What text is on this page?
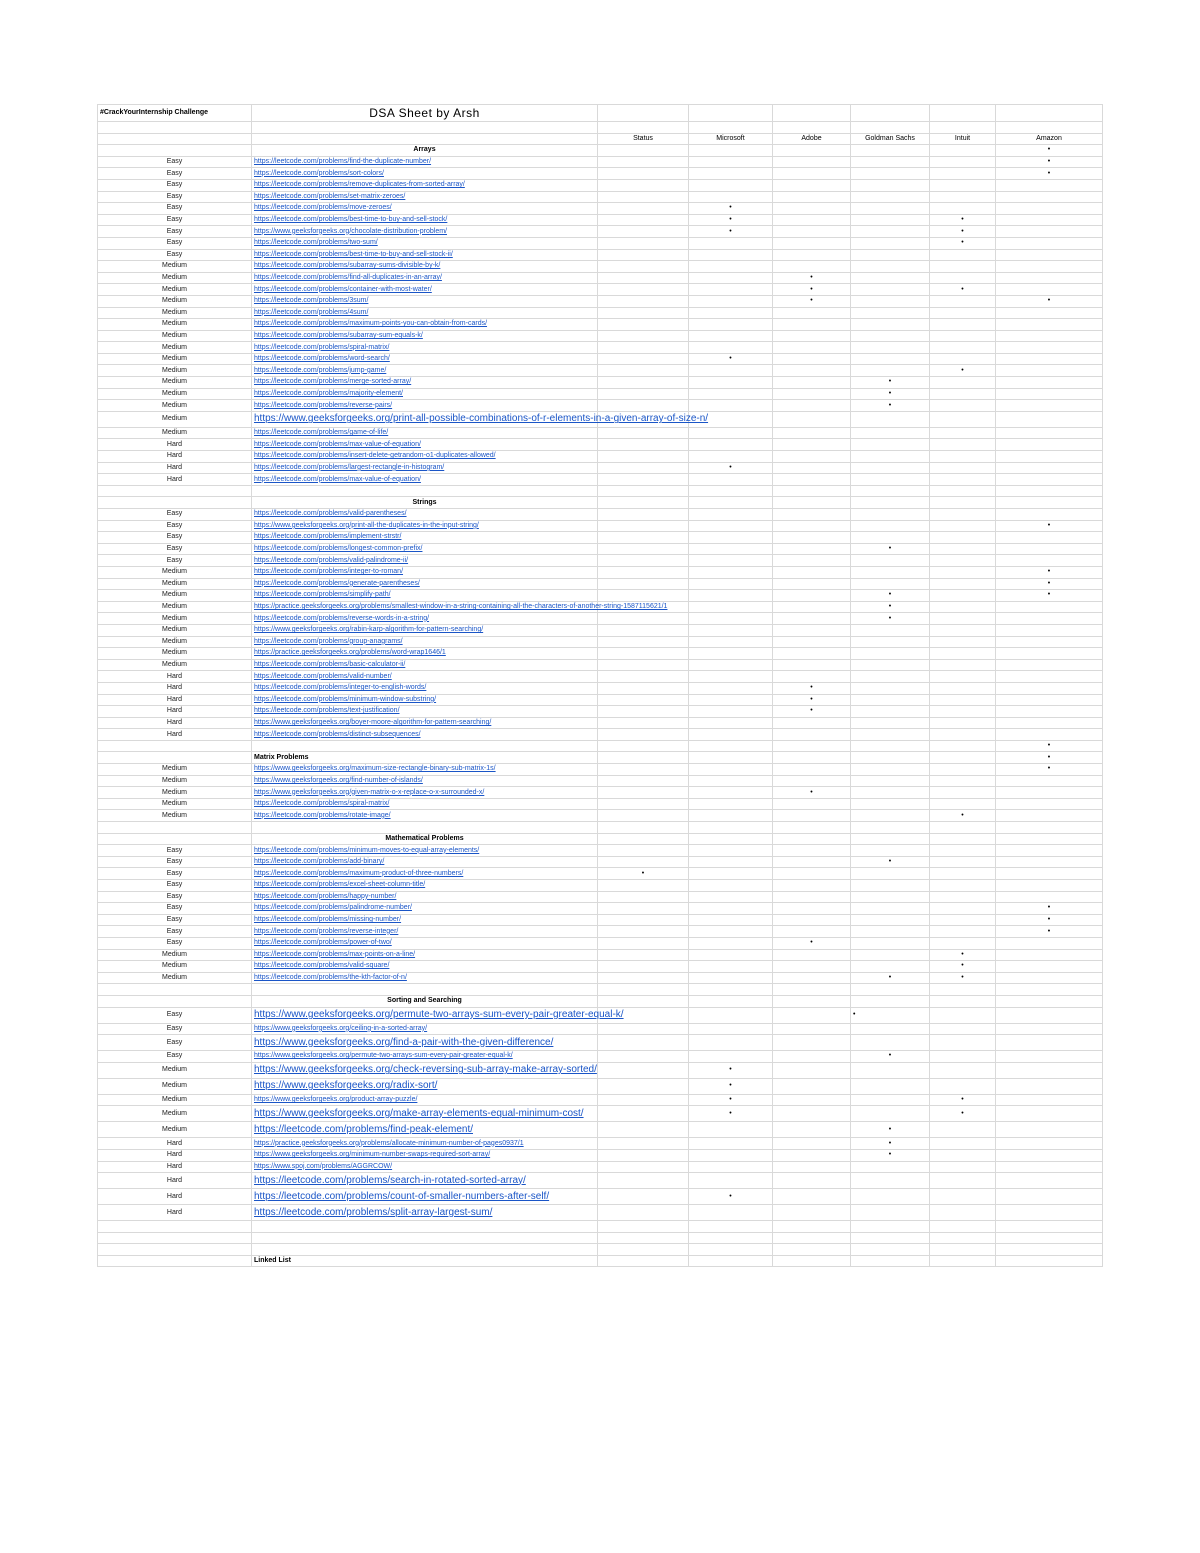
#CrackYourInternship Challenge	DSA Sheet by Arsh						

		Status	Microsoft	Adobe	Goldman Sachs	Intuit	Amazon
	Arrays						•
Easy	https://leetcode.com/problems/find-the-duplicate-number/						•
Easy	https://leetcode.com/problems/sort-colors/						•
Easy	https://leetcode.com/problems/remove-duplicates-from-sorted-array/						
Easy	https://leetcode.com/problems/set-matrix-zeroes/						
Easy	https://leetcode.com/problems/move-zeroes/		•				
Easy	https://leetcode.com/problems/best-time-to-buy-and-sell-stock/		•			•	
Easy	https://www.geeksforgeeks.org/chocolate-distribution-problem/		•			•	
Easy	https://leetcode.com/problems/two-sum/					•	
Easy	https://leetcode.com/problems/best-time-to-buy-and-sell-stock-ii/						
Medium	https://leetcode.com/problems/subarray-sums-divisible-by-k/						
Medium	https://leetcode.com/problems/find-all-duplicates-in-an-array/			•			
Medium	https://leetcode.com/problems/container-with-most-water/			•		•	
Medium	https://leetcode.com/problems/3sum/			•			•
Medium	https://leetcode.com/problems/4sum/						
Medium	https://leetcode.com/problems/maximum-points-you-can-obtain-from-cards/						
Medium	https://leetcode.com/problems/subarray-sum-equals-k/						
Medium	https://leetcode.com/problems/spiral-matrix/						
Medium	https://leetcode.com/problems/word-search/		•				
Medium	https://leetcode.com/problems/jump-game/					•	
Medium	https://leetcode.com/problems/merge-sorted-array/				•		
Medium	https://leetcode.com/problems/majority-element/				•		
Medium	https://leetcode.com/problems/reverse-pairs/				•		
Medium	https://www.geeksforgeeks.org/print-all-possible-combinations-of-r-elements-in-a-given-array-of-size-n/						
Medium	https://leetcode.com/problems/game-of-life/						
Hard	https://leetcode.com/problems/max-value-of-equation/						
Hard	https://leetcode.com/problems/insert-delete-getrandom-o1-duplicates-allowed/						
Hard	https://leetcode.com/problems/largest-rectangle-in-histogram/		•				
Hard	https://leetcode.com/problems/max-value-of-equation/						

	Strings						
Easy	https://leetcode.com/problems/valid-parentheses/						
Easy	https://www.geeksforgeeks.org/print-all-the-duplicates-in-the-input-string/						•
Easy	https://leetcode.com/problems/implement-strstr/						
Easy	https://leetcode.com/problems/longest-common-prefix/				•		
Easy	https://leetcode.com/problems/valid-palindrome-ii/						
Medium	https://leetcode.com/problems/integer-to-roman/						•
Medium	https://leetcode.com/problems/generate-parentheses/						•
Medium	https://leetcode.com/problems/simplify-path/				•		•
Medium	https://practice.geeksforgeeks.org/problems/smallest-window-in-a-string-containing-all-the-characters-of-another-string-1587115621/1				•		
Medium	https://leetcode.com/problems/reverse-words-in-a-string/				•		
Medium	https://www.geeksforgeeks.org/rabin-karp-algorithm-for-pattern-searching/						
Medium	https://leetcode.com/problems/group-anagrams/						
Medium	https://practice.geeksforgeeks.org/problems/word-wrap1646/1						
Medium	https://leetcode.com/problems/basic-calculator-ii/						
Hard	https://leetcode.com/problems/valid-number/						
Hard	https://leetcode.com/problems/integer-to-english-words/			•			
Hard	https://leetcode.com/problems/minimum-window-substring/			•			
Hard	https://leetcode.com/problems/text-justification/			•			
Hard	https://www.geeksforgeeks.org/boyer-moore-algorithm-for-pattern-searching/						
Hard	https://leetcode.com/problems/distinct-subsequences/						
							•
	Matrix Problems						•
Medium	https://www.geeksforgeeks.org/maximum-size-rectangle-binary-sub-matrix-1s/						•
Medium	https://www.geeksforgeeks.org/find-number-of-islands/						
Medium	https://www.geeksforgeeks.org/given-matrix-o-x-replace-o-x-surrounded-x/			•			
Medium	https://leetcode.com/problems/spiral-matrix/						
Medium	https://leetcode.com/problems/rotate-image/					•	

	Mathematical Problems						
Easy	https://leetcode.com/problems/minimum-moves-to-equal-array-elements/						
Easy	https://leetcode.com/problems/add-binary/				•		
Easy	https://leetcode.com/problems/maximum-product-of-three-numbers/	•					
Easy	https://leetcode.com/problems/excel-sheet-column-title/						
Easy	https://leetcode.com/problems/happy-number/						
Easy	https://leetcode.com/problems/palindrome-number/						•
Easy	https://leetcode.com/problems/missing-number/						•
Easy	https://leetcode.com/problems/reverse-integer/						•
Easy	https://leetcode.com/problems/power-of-two/			•			
Medium	https://leetcode.com/problems/max-points-on-a-line/					•	
Medium	https://leetcode.com/problems/valid-square/					•	
Medium	https://leetcode.com/problems/the-kth-factor-of-n/				•	•	

	Sorting and Searching						
Easy	https://www.geeksforgeeks.org/permute-two-arrays-sum-every-pair-greater-equal-k/				•		
Easy	https://www.geeksforgeeks.org/ceiling-in-a-sorted-array/						
Easy	https://www.geeksforgeeks.org/find-a-pair-with-the-given-difference/						
Easy	https://www.geeksforgeeks.org/permute-two-arrays-sum-every-pair-greater-equal-k/				•		
Medium	https://www.geeksforgeeks.org/check-reversing-sub-array-make-array-sorted/		•				
Medium	https://www.geeksforgeeks.org/radix-sort/		•				
Medium	https://www.geeksforgeeks.org/product-array-puzzle/		•			•	
Medium	https://www.geeksforgeeks.org/make-array-elements-equal-minimum-cost/		•			•	
Medium	https://leetcode.com/problems/find-peak-element/				•		
Hard	https://practice.geeksforgeeks.org/problems/allocate-minimum-number-of-pages0937/1				•		
Hard	https://www.geeksforgeeks.org/minimum-number-swaps-required-sort-array/				•		
Hard	https://www.spoj.com/problems/AGGRCOW/						
Hard	https://leetcode.com/problems/search-in-rotated-sorted-array/						
Hard	https://leetcode.com/problems/count-of-smaller-numbers-after-self/		•				
Hard	https://leetcode.com/problems/split-array-largest-sum/						

	Linked List						
